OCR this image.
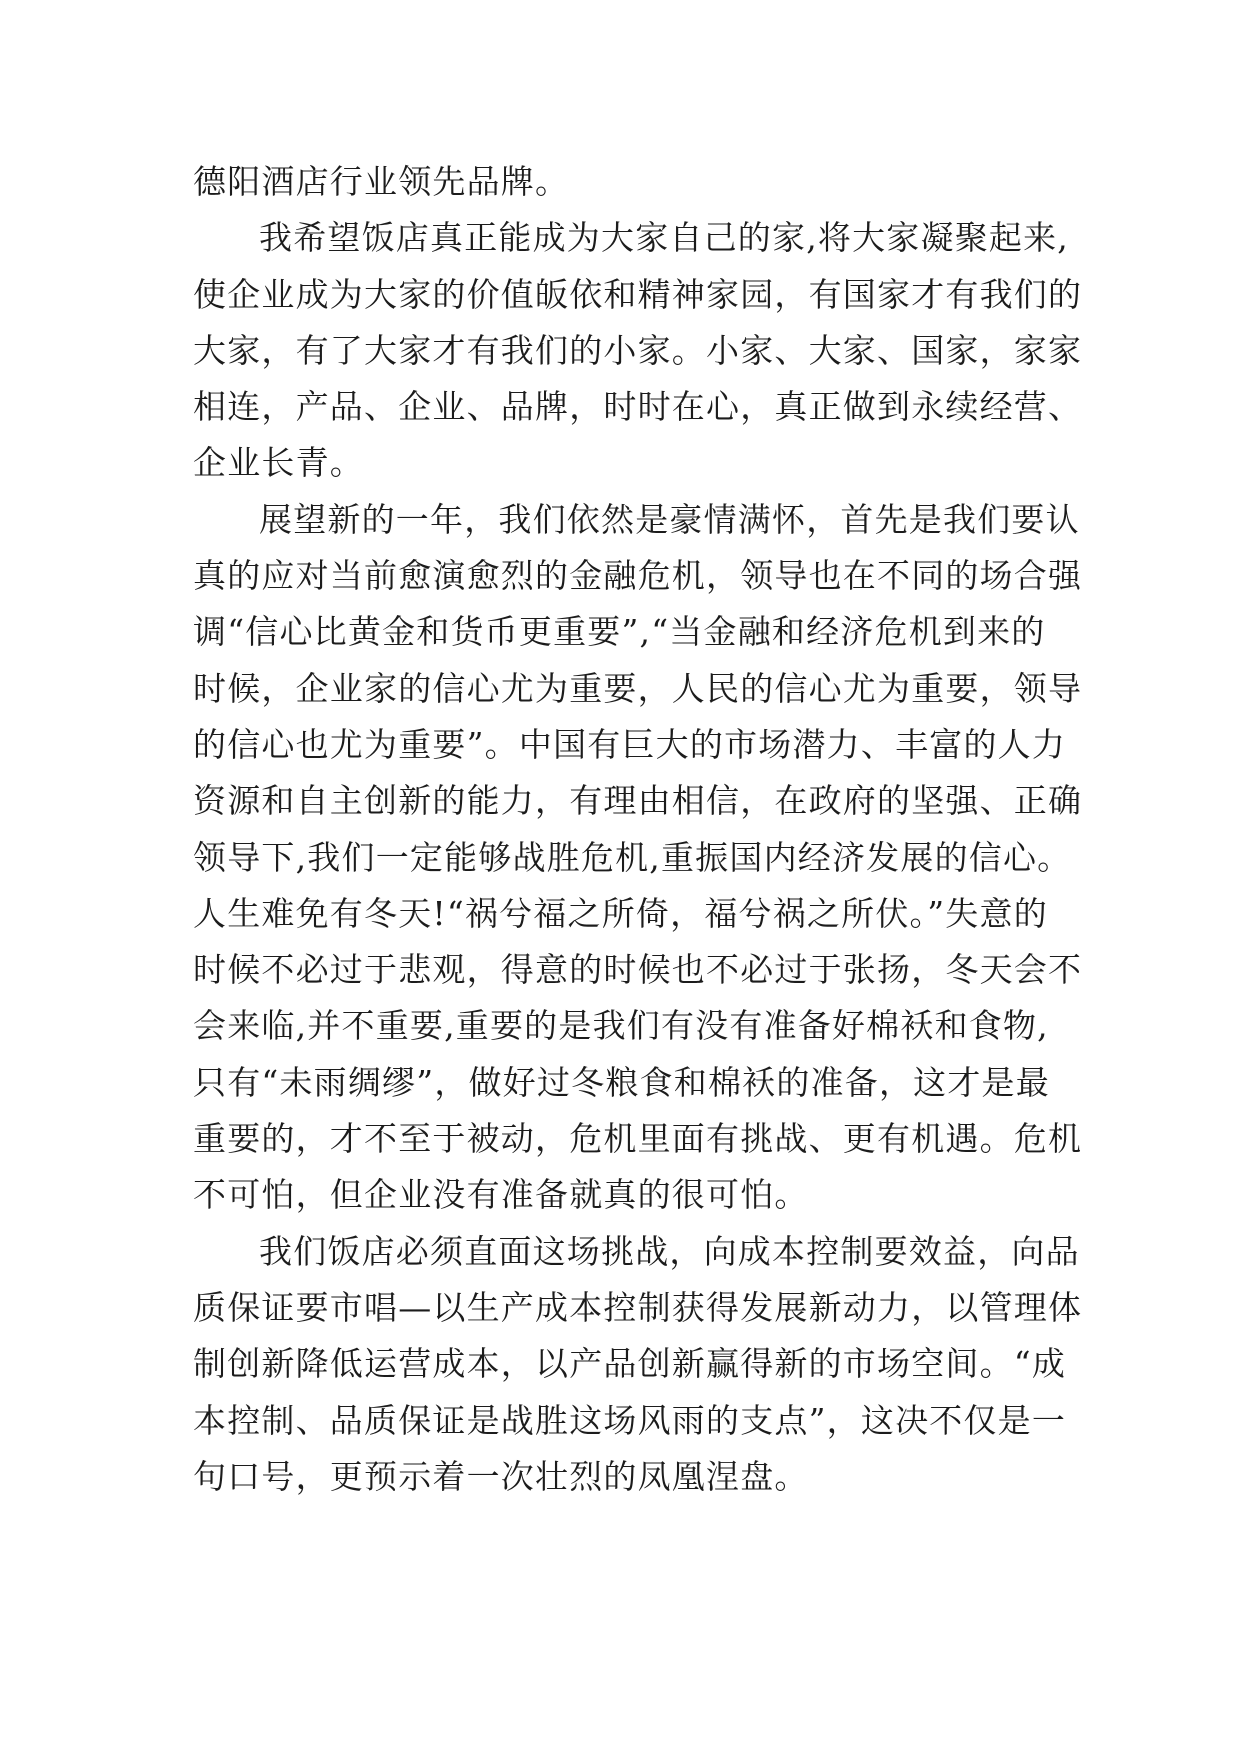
德阳酒店行业领先品牌。
我希望饭店真正能成为大家自己的家,将大家凝聚起来,
使企业成为大家的价值皈依和精神家园，有国家才有我们的
大家，有了大家才有我们的小家。小家、大家、国家，家家
相连，产品、企业、品牌，时时在心，真正做到永续经营、
企业长青。
展望新的一年，我们依然是豪情满怀，首先是我们要认
真的应对当前愈演愈烈的金融危机，领导也在不同的场合强
调“信心比黄金和货币更重要”,“当金融和经济危机到来的
时候，企业家的信心尤为重要，人民的信心尤为重要，领导
的信心也尤为重要”。中国有巨大的市场潜力、丰富的人力
资源和自主创新的能力，有理由相信，在政府的坚强、正确
领导下,我们一定能够战胜危机,重振国内经济发展的信心。
人生难免有冬天!“祸兮福之所倚，福兮祸之所伏。”失意的
时候不必过于悲观，得意的时候也不必过于张扬，冬天会不
会来临,并不重要,重要的是我们有没有准备好棉袄和食物,
只有“未雨绸缪”，做好过冬粮食和棉袄的准备，这才是最
重要的，才不至于被动，危机里面有挑战、更有机遇。危机
不可怕，但企业没有准备就真的很可怕。
我们饭店必须直面这场挑战，向成本控制要效益，向品
质保证要市唱—以生产成本控制获得发展新动力，以管理体
制创新降低运营成本，以产品创新赢得新的市场空间。“成
本控制、品质保证是战胜这场风雨的支点”，这决不仅是一
句口号，更预示着一次壮烈的凤凰涅盘。
